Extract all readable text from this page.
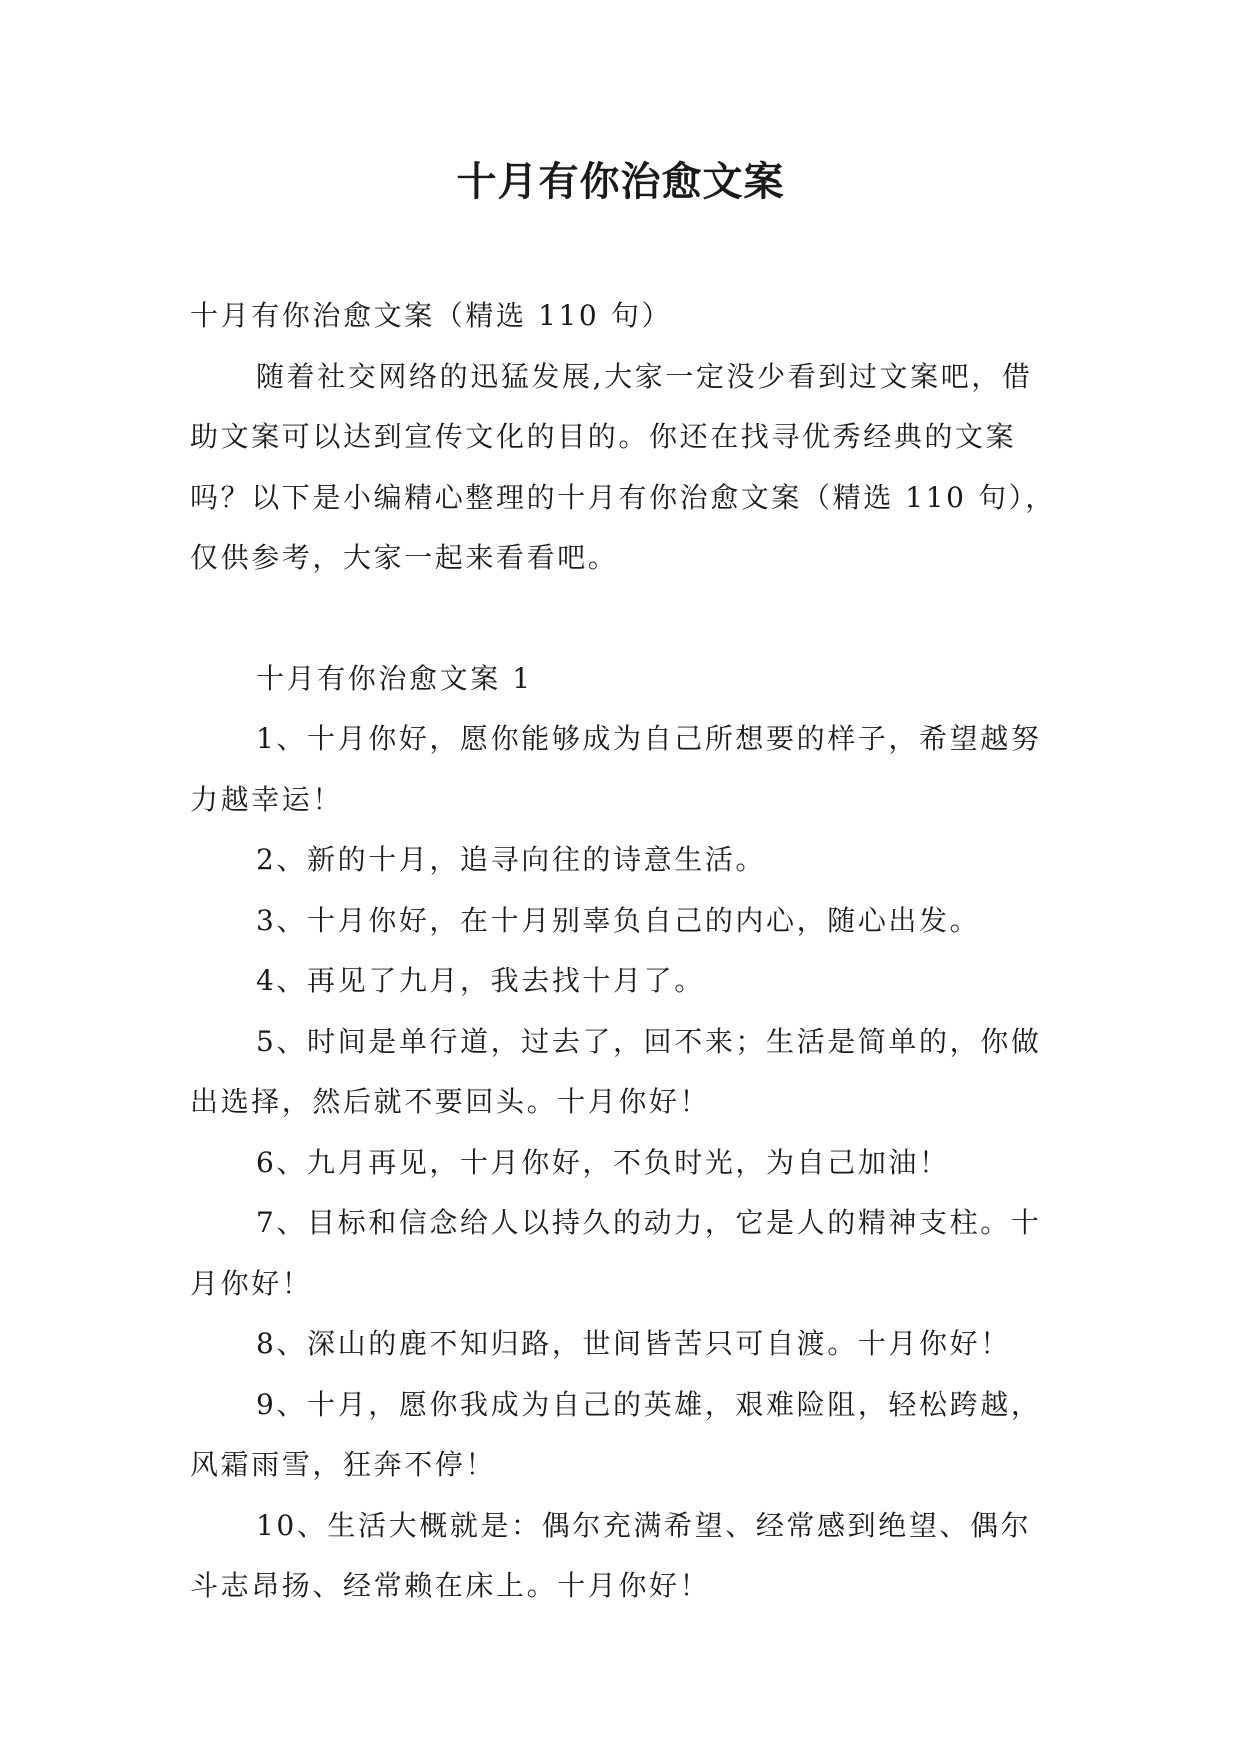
十月有你治愈文案

十月有你治愈文案（精选 110 句）

随着社交网络的迅猛发展,大家一定没少看到过文案吧，借助文案可以达到宣传文化的目的。你还在找寻优秀经典的文案吗？以下是小编精心整理的十月有你治愈文案（精选 110 句），仅供参考，大家一起来看看吧。

十月有你治愈文案 1

1、十月你好，愿你能够成为自己所想要的样子，希望越努力越幸运！

2、新的十月，追寻向往的诗意生活。

3、十月你好，在十月别辜负自己的内心，随心出发。

4、再见了九月，我去找十月了。

5、时间是单行道，过去了，回不来；生活是简单的，你做出选择，然后就不要回头。十月你好！

6、九月再见，十月你好，不负时光，为自己加油！

7、目标和信念给人以持久的动力，它是人的精神支柱。十月你好！

8、深山的鹿不知归路，世间皆苦只可自渡。十月你好！

9、十月，愿你我成为自己的英雄，艰难险阻，轻松跨越，风霜雨雪，狂奔不停！

10、生活大概就是：偶尔充满希望、经常感到绝望、偶尔斗志昂扬、经常赖在床上。十月你好！
